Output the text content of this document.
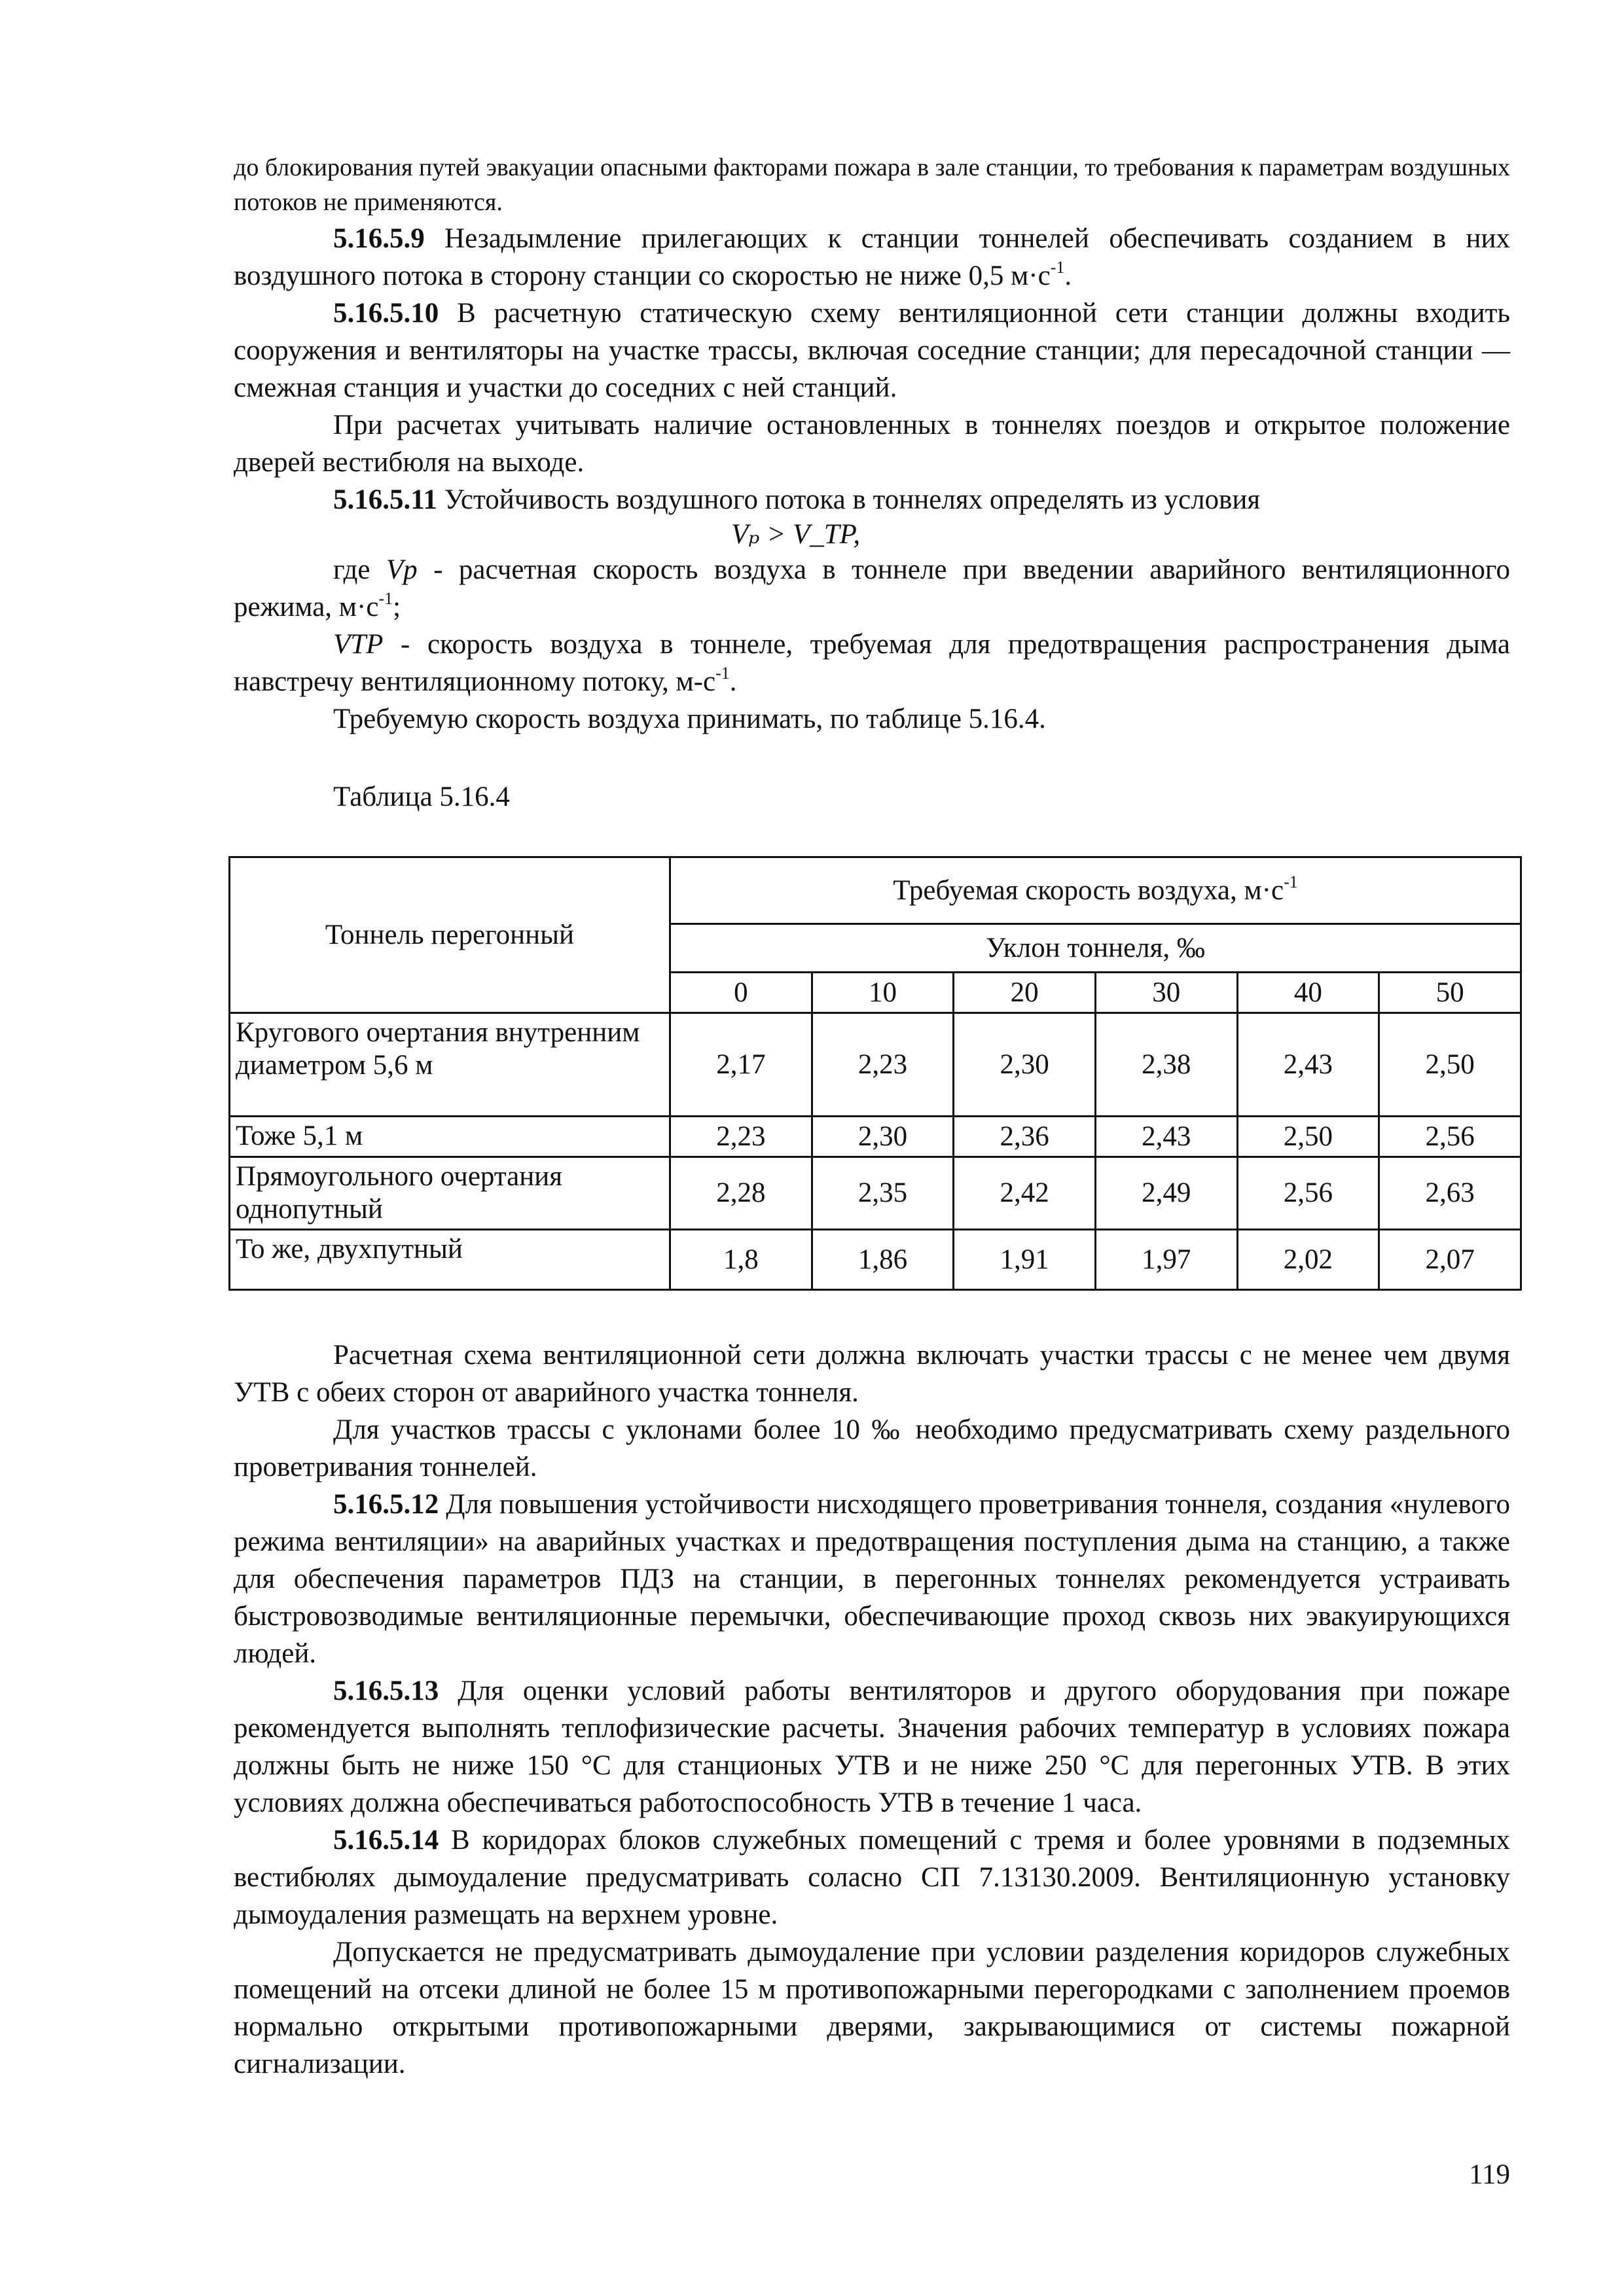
до блокирования путей эвакуации опасными факторами пожара в зале станции, то требования к параметрам воздушных потоков не применяются.

5.16.5.9 Незадымление прилегающих к станции тоннелей обеспечивать созданием в них воздушного потока в сторону станции со скоростью не ниже 0,5 $м\cdot с^{-1}$.

5.16.5.10 В расчетную статическую схему вентиляционной сети станции должны входить сооружения и вентиляторы на участке трассы, включая соседние станции; для пересадочной станции — смежная станция и участки до соседних с ней станций.

При расчетах учитывать наличие остановленных в тоннелях поездов и открытое положение дверей вестибюля на выходе.

5.16.5.11 Устойчивость воздушного потока в тоннелях определять из условия

Vₚ > V_TP,

где Vp - расчетная скорость воздуха в тоннеле при введении аварийного вентиляционного режима, $м\cdot с^{-1}$;

VTP - скорость воздуха в тоннеле, требуемая для предотвращения распространения дыма навстречу вентиляционному потоку, $м-с^{-1}$.

Требуемую скорость воздуха принимать, по таблице 5.16.4.

Таблица 5.16.4
Тоннель перегонный	Требуемая скорость воздуха, $м\cdot с^{-1}$
	Уклон тоннеля, ‰					
	0	10	20	30	40	50
Кругового очертания внутренним диаметром 5,6 м	2,17	2,23	2,30	2,38	2,43	2,50
Тоже 5,1 м	2,23	2,30	2,36	2,43	2,50	2,56
Прямоугольного очертания однопутный	2,28	2,35	2,42	2,49	2,56	2,63
То же, двухпутный	1,8	1,86	1,91	1,97	2,02	2,07

Расчетная схема вентиляционной сети должна включать участки трассы с не менее чем двумя УТВ с обеих сторон от аварийного участка тоннеля.

Для участков трассы с уклонами более 10 ‰ необходимо предусматривать схему раздельного проветривания тоннелей.

5.16.5.12 Для повышения устойчивости нисходящего проветривания тоннеля, создания «нулевого режима вентиляции» на аварийных участках и предотвращения поступления дыма на станцию, а также для обеспечения параметров ПДЗ на станции, в перегонных тоннелях рекомендуется устраивать быстровозводимые вентиляционные перемычки, обеспечивающие проход сквозь них эвакуирующихся людей.

5.16.5.13 Для оценки условий работы вентиляторов и другого оборудования при пожаре рекомендуется выполнять теплофизические расчеты. Значения рабочих температур в условиях пожара должны быть не ниже 150 °С для станционых УТВ и не ниже 250 °С для перегонных УТВ. В этих условиях должна обеспечиваться работоспособность УТВ в течение 1 часа.

5.16.5.14 В коридорах блоков служебных помещений с тремя и более уровнями в подземных вестибюлях дымоудаление предусматривать соласно СП 7.13130.2009. Вентиляционную установку дымоудаления размещать на верхнем уровне.

Допускается не предусматривать дымоудаление при условии разделения коридоров служебных помещений на отсеки длиной не более 15 м противопожарными перегородками с заполнением проемов нормально открытыми противопожарными дверями, закрывающимися от системы пожарной сигнализации.

119
